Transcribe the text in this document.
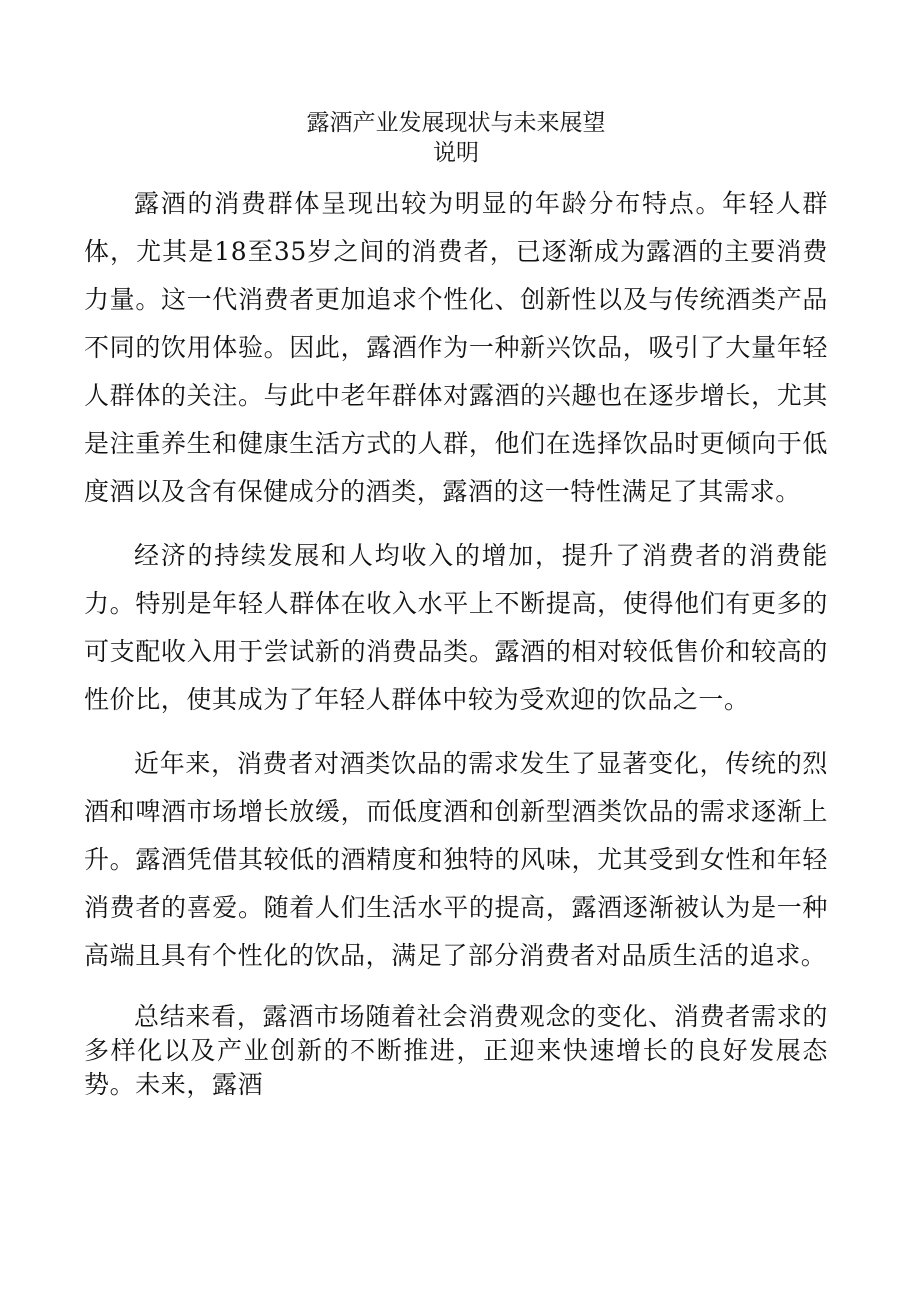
露酒产业发展现状与未来展望
说明

露酒的消费群体呈现出较为明显的年龄分布特点。年轻人群体，尤其是18至35岁之间的消费者，已逐渐成为露酒的主要消费力量。这一代消费者更加追求个性化、创新性以及与传统酒类产品不同的饮用体验。因此，露酒作为一种新兴饮品，吸引了大量年轻人群体的关注。与此中老年群体对露酒的兴趣也在逐步增长，尤其是注重养生和健康生活方式的人群，他们在选择饮品时更倾向于低度酒以及含有保健成分的酒类，露酒的这一特性满足了其需求。

经济的持续发展和人均收入的增加，提升了消费者的消费能力。特别是年轻人群体在收入水平上不断提高，使得他们有更多的可支配收入用于尝试新的消费品类。露酒的相对较低售价和较高的性价比，使其成为了年轻人群体中较为受欢迎的饮品之一。

近年来，消费者对酒类饮品的需求发生了显著变化，传统的烈酒和啤酒市场增长放缓，而低度酒和创新型酒类饮品的需求逐渐上升。露酒凭借其较低的酒精度和独特的风味，尤其受到女性和年轻消费者的喜爱。随着人们生活水平的提高，露酒逐渐被认为是一种高端且具有个性化的饮品，满足了部分消费者对品质生活的追求。

总结来看，露酒市场随着社会消费观念的变化、消费者需求的多样化以及产业创新的不断推进，正迎来快速增长的良好发展态势。未来，露酒
